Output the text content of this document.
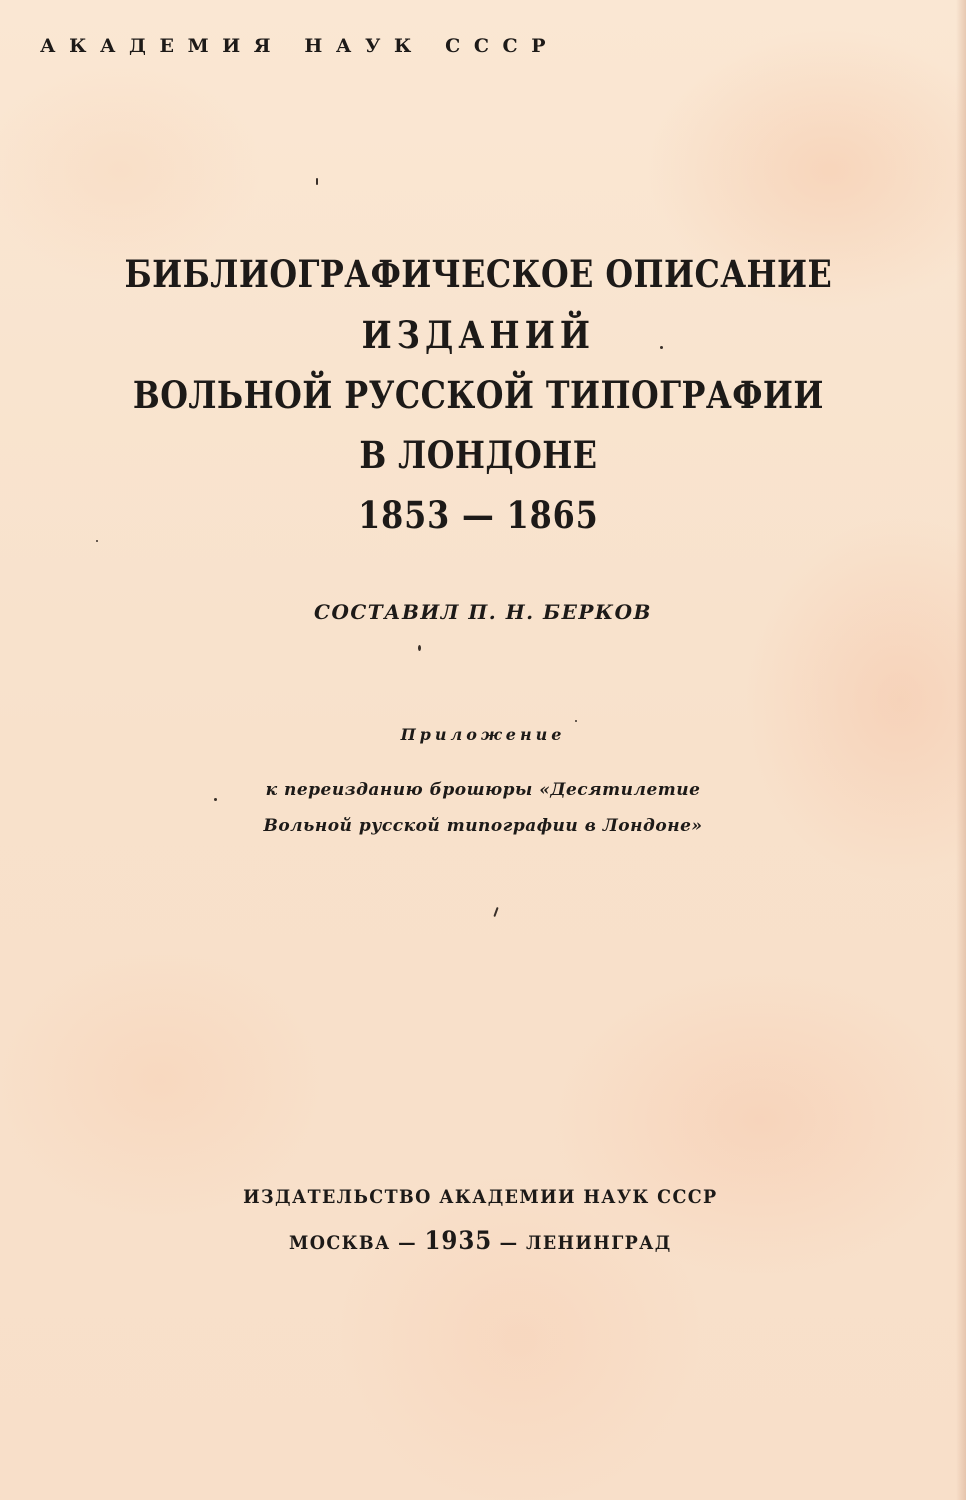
АКАДЕМИЯ НАУК СССР
БИБЛИОГРАФИЧЕСКОЕ ОПИСАНИЕ
ИЗДАНИЙ
ВОЛЬНОЙ РУССКОЙ ТИПОГРАФИИ
В ЛОНДОНЕ
1853 — 1865
СОСТАВИЛ П. Н. БЕРКОВ
Приложение
к переизданию брошюры «Десятилетие
Вольной русской типографии в Лондоне»
ИЗДАТЕЛЬСТВО АКАДЕМИИ НАУК СССР
МОСКВА — 1935 — ЛЕНИНГРАД
